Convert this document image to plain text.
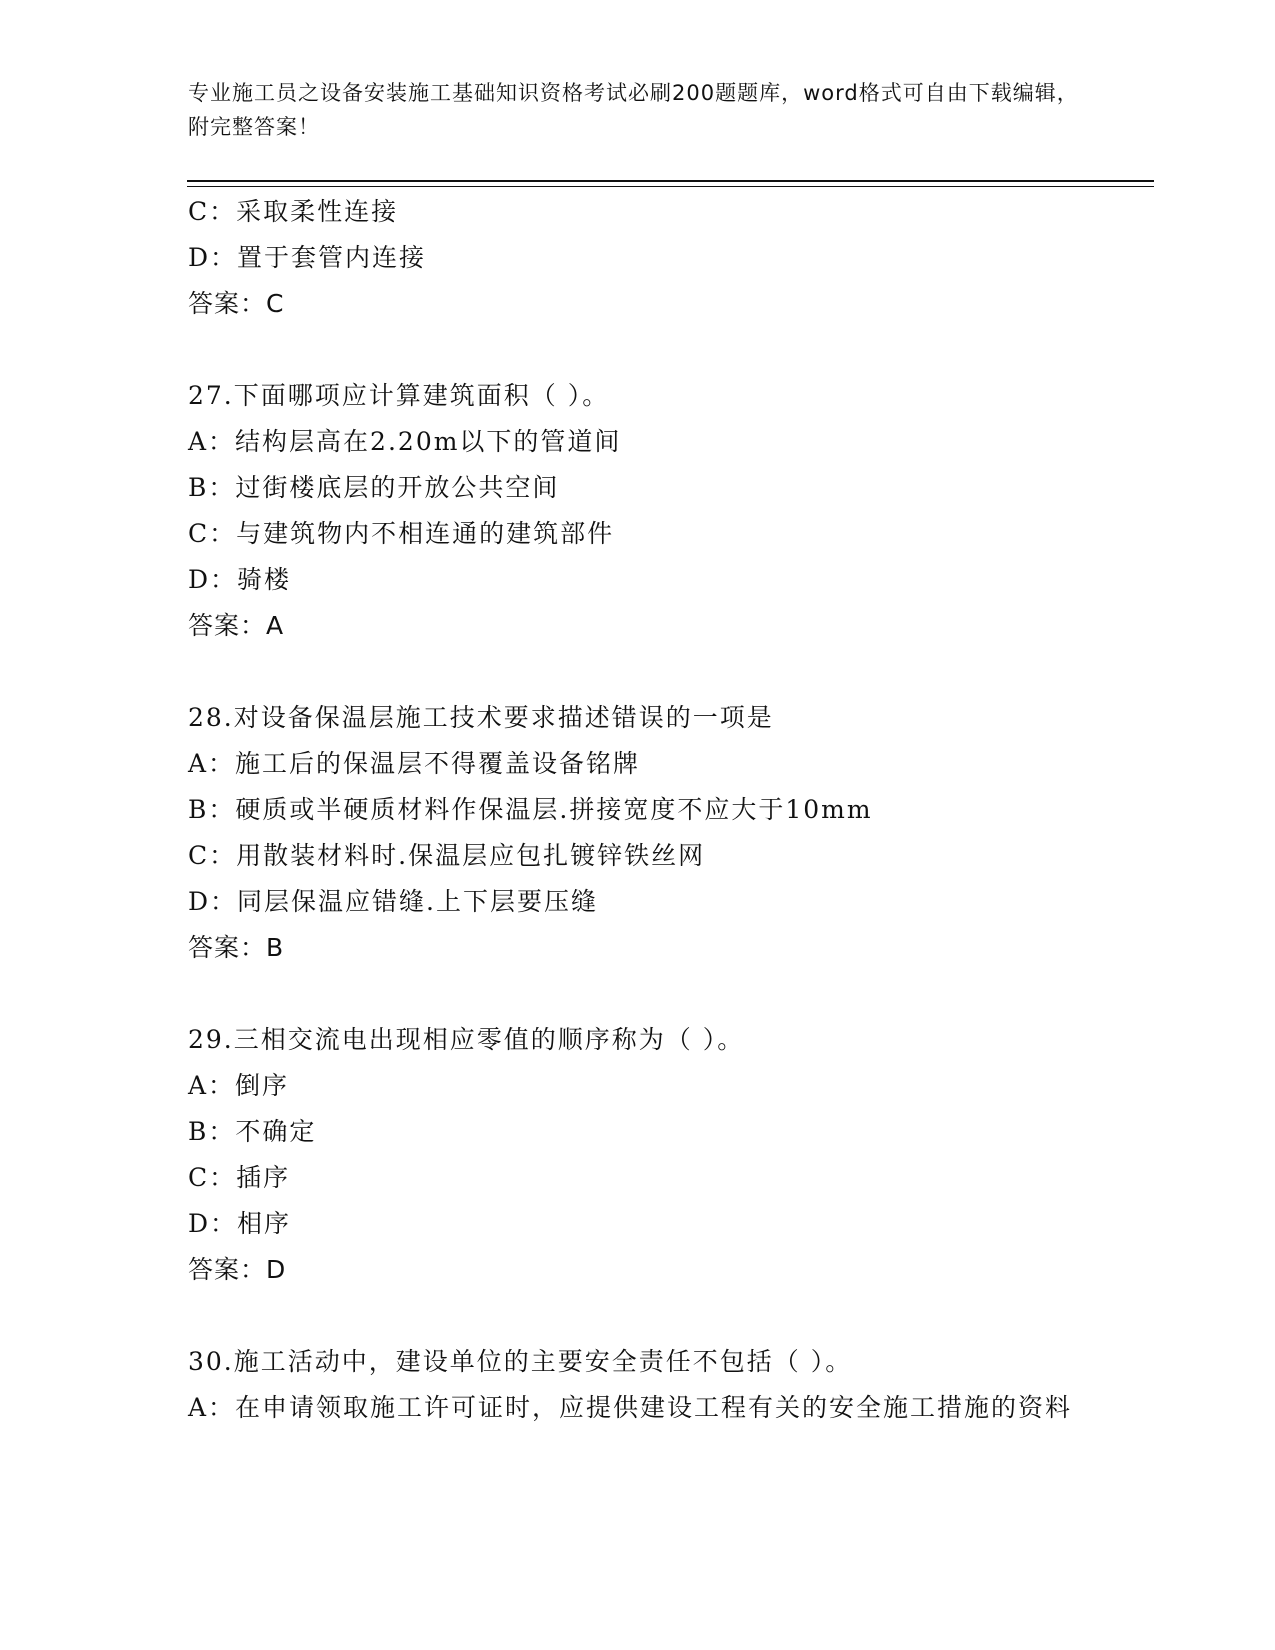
专业施工员之设备安装施工基础知识资格考试必刷200题题库，word格式可自由下载编辑，附完整答案！
C：采取柔性连接
D：置于套管内连接
答案：C
27.下面哪项应计算建筑面积（ ）。
A：结构层高在2.20m以下的管道间
B：过街楼底层的开放公共空间
C：与建筑物内不相连通的建筑部件
D：骑楼
答案：A
28.对设备保温层施工技术要求描述错误的一项是
A：施工后的保温层不得覆盖设备铭牌
B：硬质或半硬质材料作保温层.拼接宽度不应大于10mm
C：用散装材料时.保温层应包扎镀锌铁丝网
D：同层保温应错缝.上下层要压缝
答案：B
29.三相交流电出现相应零值的顺序称为（ ）。
A：倒序
B：不确定
C：插序
D：相序
答案：D
30.施工活动中，建设单位的主要安全责任不包括（ ）。
A：在申请领取施工许可证时，应提供建设工程有关的安全施工措施的资料
